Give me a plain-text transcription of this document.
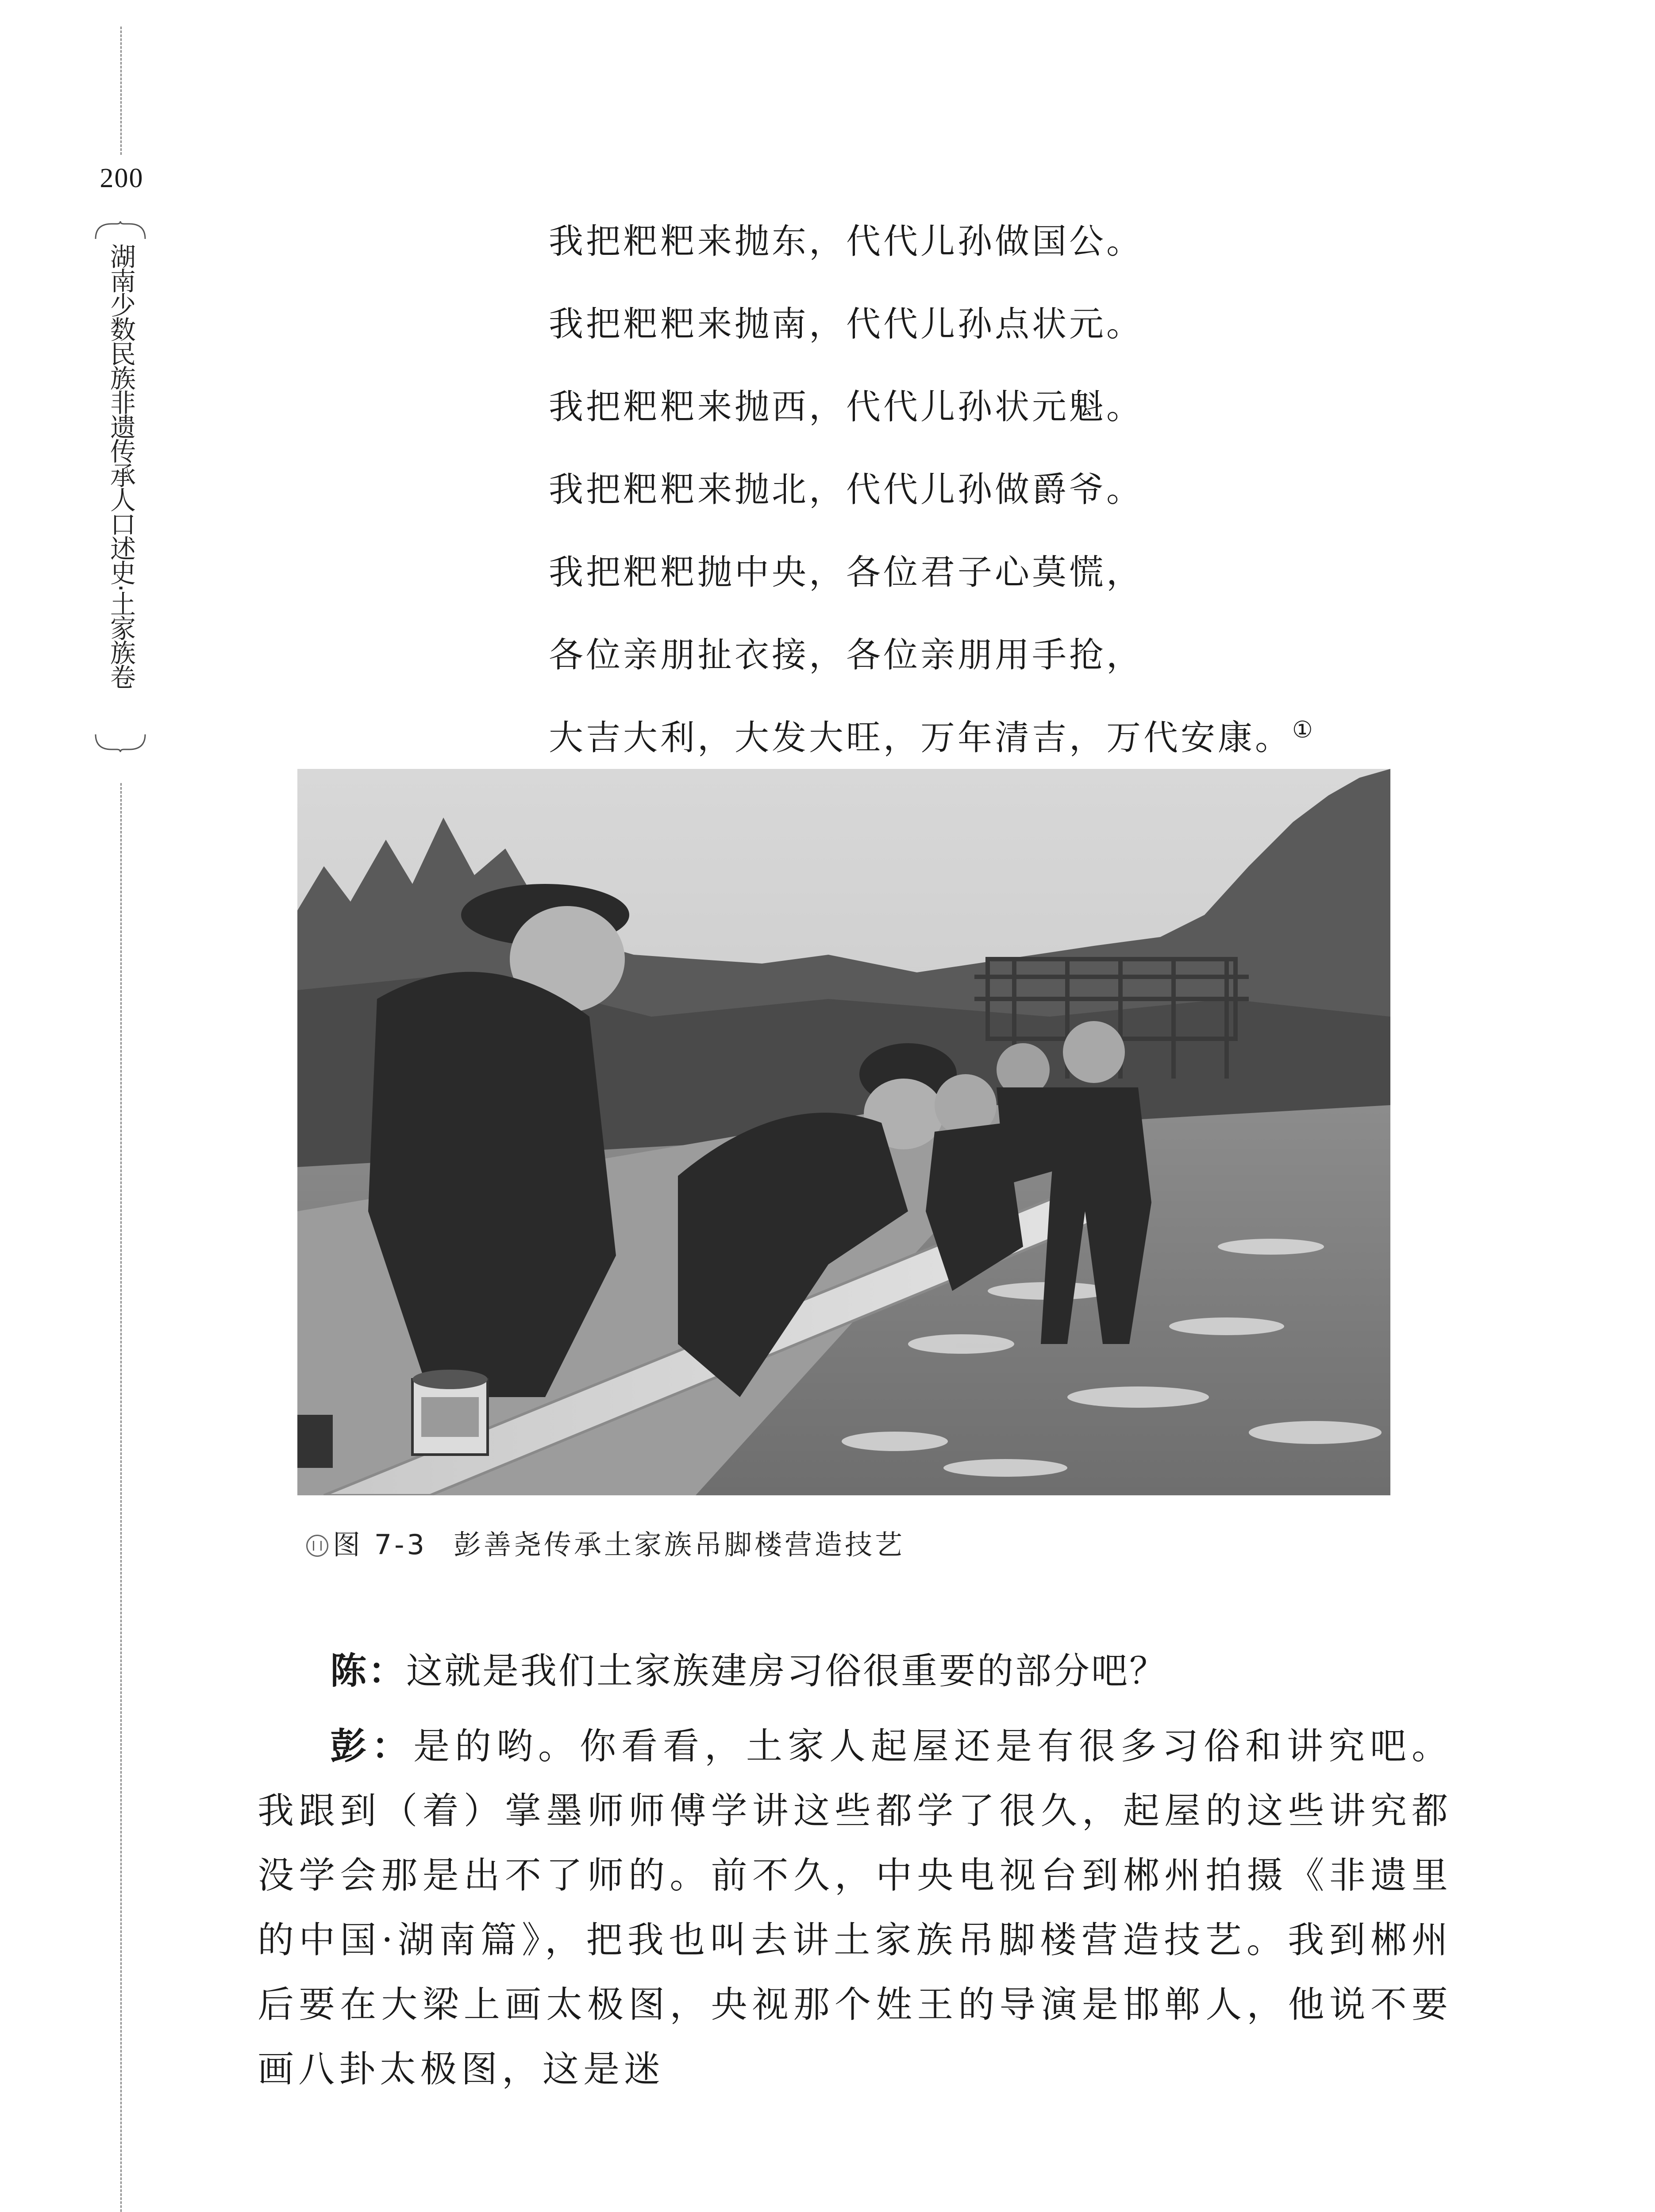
200
湖南少数民族非遗传承人口述史·土家族卷
我把粑粑来抛东，代代儿孙做国公。
我把粑粑来抛南，代代儿孙点状元。
我把粑粑来抛西，代代儿孙状元魁。
我把粑粑来抛北，代代儿孙做爵爷。
我把粑粑抛中央，各位君子心莫慌，
各位亲朋扯衣接，各位亲朋用手抢，
大吉大利，大发大旺，万年清吉，万代安康。①
图 7-3 彭善尧传承土家族吊脚楼营造技艺

陈：这就是我们土家族建房习俗很重要的部分吧？

彭：是的哟。你看看，土家人起屋还是有很多习俗和讲究吧。我跟到（着）掌墨师师傅学讲这些都学了很久，起屋的这些讲究都没学会那是出不了师的。前不久，中央电视台到郴州拍摄《非遗里的中国·湖南篇》，把我也叫去讲土家族吊脚楼营造技艺。我到郴州后要在大梁上画太极图，央视那个姓王的导演是邯郸人，他说不要画八卦太极图，这是迷
